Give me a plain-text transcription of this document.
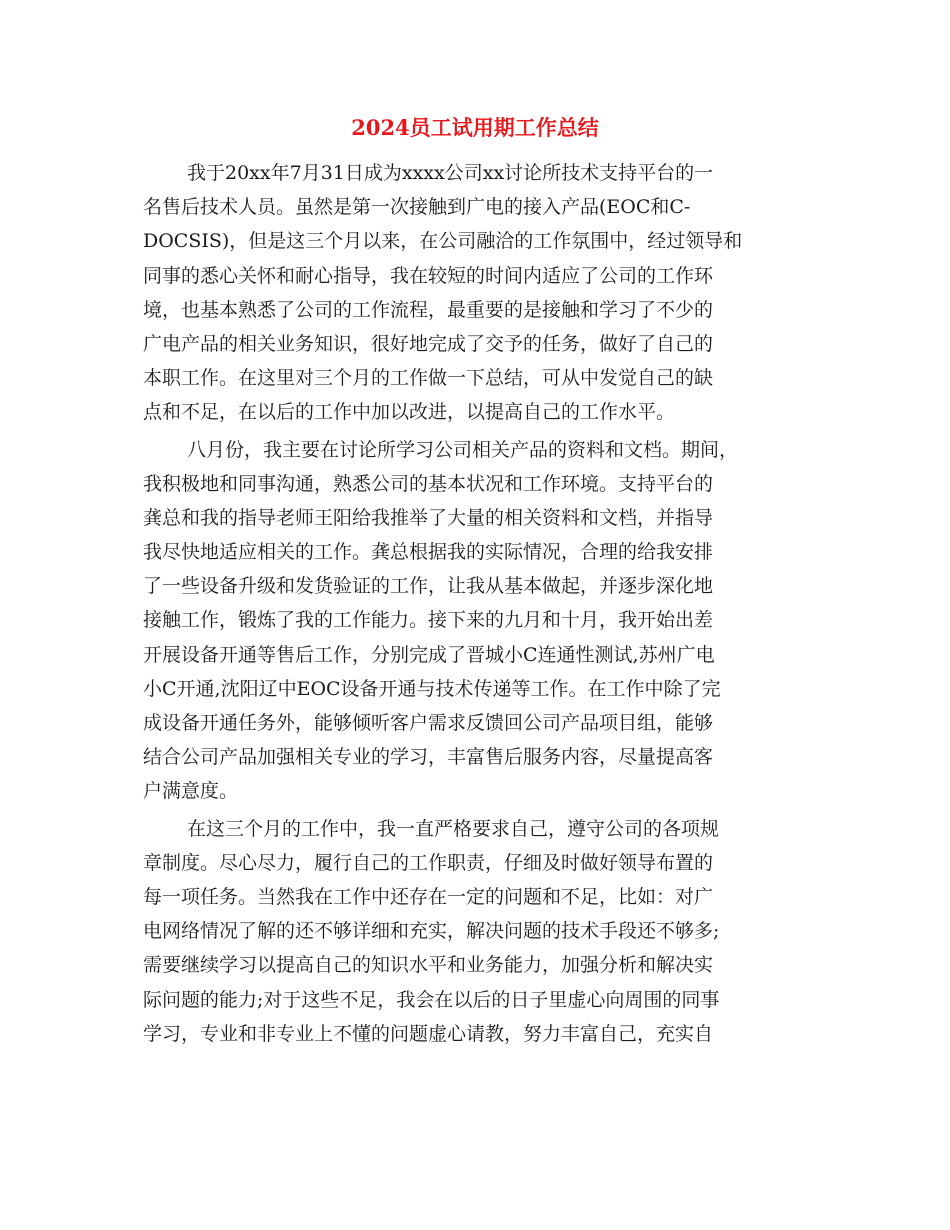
2024员工试用期工作总结
我于20xx年7月31日成为xxxx公司xx讨论所技术支持平台的一
名售后技术人员。虽然是第一次接触到广电的接入产品(EOC和C-
DOCSIS)，但是这三个月以来，在公司融洽的工作氛围中，经过领导和
同事的悉心关怀和耐心指导，我在较短的时间内适应了公司的工作环
境，也基本熟悉了公司的工作流程，最重要的是接触和学习了不少的
广电产品的相关业务知识，很好地完成了交予的任务，做好了自己的
本职工作。在这里对三个月的工作做一下总结，可从中发觉自己的缺
点和不足，在以后的工作中加以改进，以提高自己的工作水平。
八月份，我主要在讨论所学习公司相关产品的资料和文档。期间，
我积极地和同事沟通，熟悉公司的基本状况和工作环境。支持平台的
龚总和我的指导老师王阳给我推举了大量的相关资料和文档，并指导
我尽快地适应相关的工作。龚总根据我的实际情况，合理的给我安排
了一些设备升级和发货验证的工作，让我从基本做起，并逐步深化地
接触工作，锻炼了我的工作能力。接下来的九月和十月，我开始出差
开展设备开通等售后工作，分别完成了晋城小C连通性测试,苏州广电
小C开通,沈阳辽中EOC设备开通与技术传递等工作。在工作中除了完
成设备开通任务外，能够倾听客户需求反馈回公司产品项目组，能够
结合公司产品加强相关专业的学习，丰富售后服务内容，尽量提高客
户满意度。
在这三个月的工作中，我一直严格要求自己，遵守公司的各项规
章制度。尽心尽力，履行自己的工作职责，仔细及时做好领导布置的
每一项任务。当然我在工作中还存在一定的问题和不足，比如：对广
电网络情况了解的还不够详细和充实，解决问题的技术手段还不够多;
需要继续学习以提高自己的知识水平和业务能力，加强分析和解决实
际问题的能力;对于这些不足，我会在以后的日子里虚心向周围的同事
学习，专业和非专业上不懂的问题虚心请教，努力丰富自己，充实自
